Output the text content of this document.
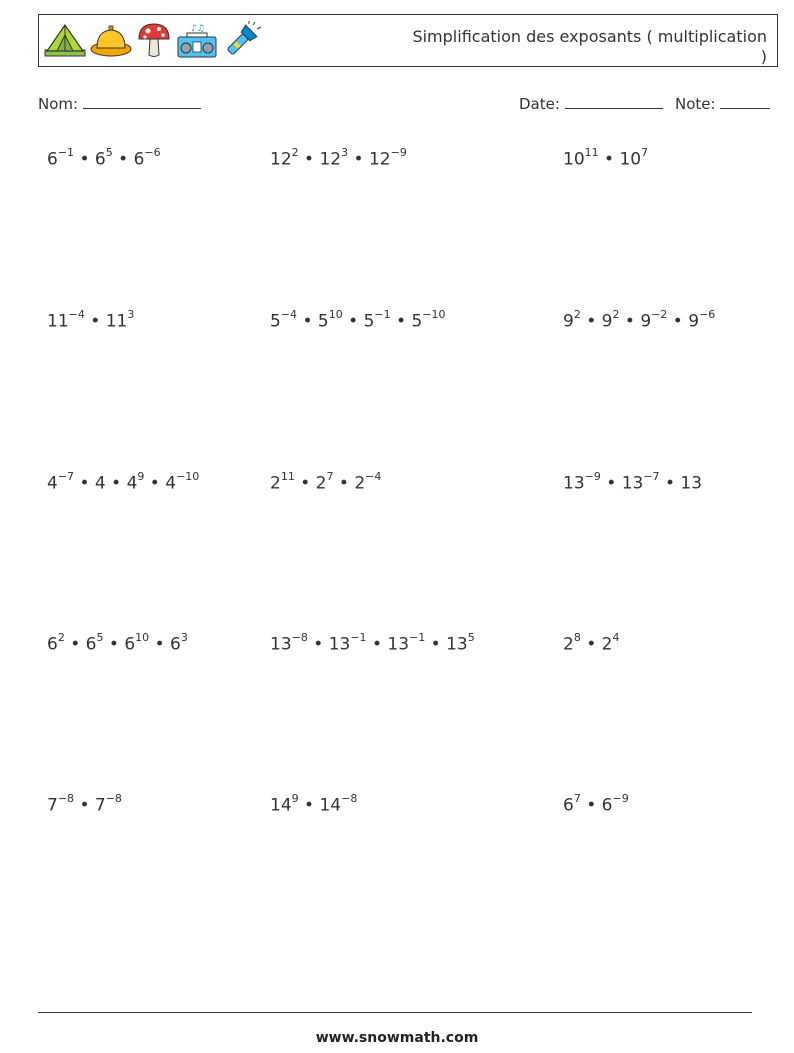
♪♫	Simplification des exposants ( multiplication )
Nom:	Date:	Note:
$6^{-1}$ • $6^5$ • $6^{-6}$	$12^2$ • $12^3$ • $12^{-9}$	$10^{11}$ • $10^7$
$11^{-4}$ • $11^3$	$5^{-4}$ • $5^{10}$ • $5^{-1}$ • $5^{-10}$	$9^2$ • $9^2$ • $9^{-2}$ • $9^{-6}$
$4^{-7}$ • 4 • $4^9$ • $4^{-10}$	$2^{11}$ • $2^7$ • $2^{-4}$	$13^{-9}$ • $13^{-7}$ • 13
$6^2$ • $6^5$ • $6^{10}$ • $6^3$	$13^{-8}$ • $13^{-1}$ • $13^{-1}$ • $13^5$	$2^8$ • $2^4$
$7^{-8}$ • $7^{-8}$	$14^9$ • $14^{-8}$	$6^7$ • $6^{-9}$
www.snowmath.com
